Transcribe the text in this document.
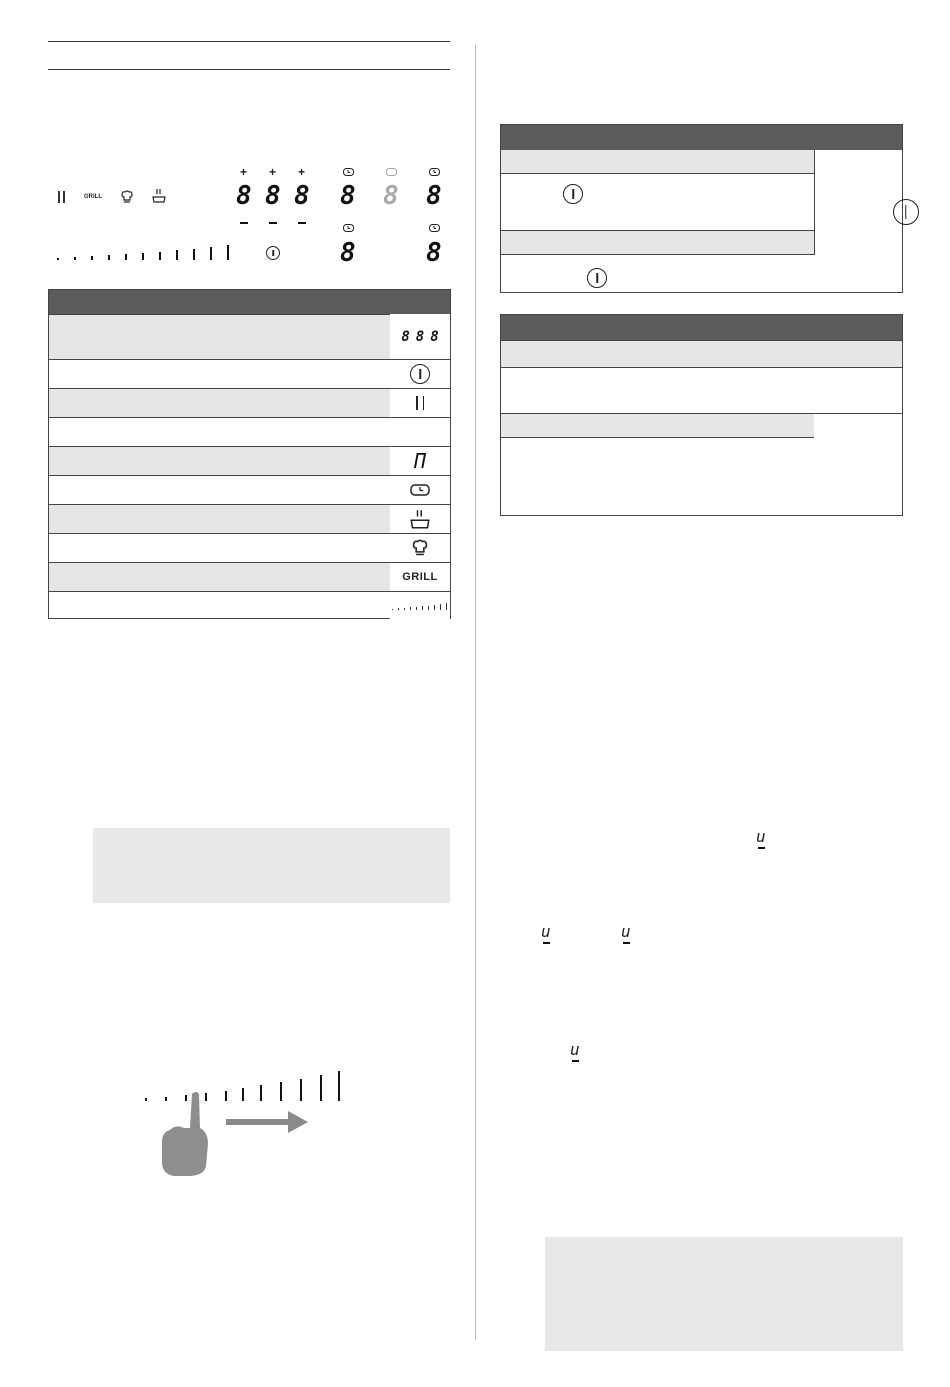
GRILL
+ + +
8 8 8 8 8 8
8	8
8 8 8
Π
GRILL

u
u	u
u
